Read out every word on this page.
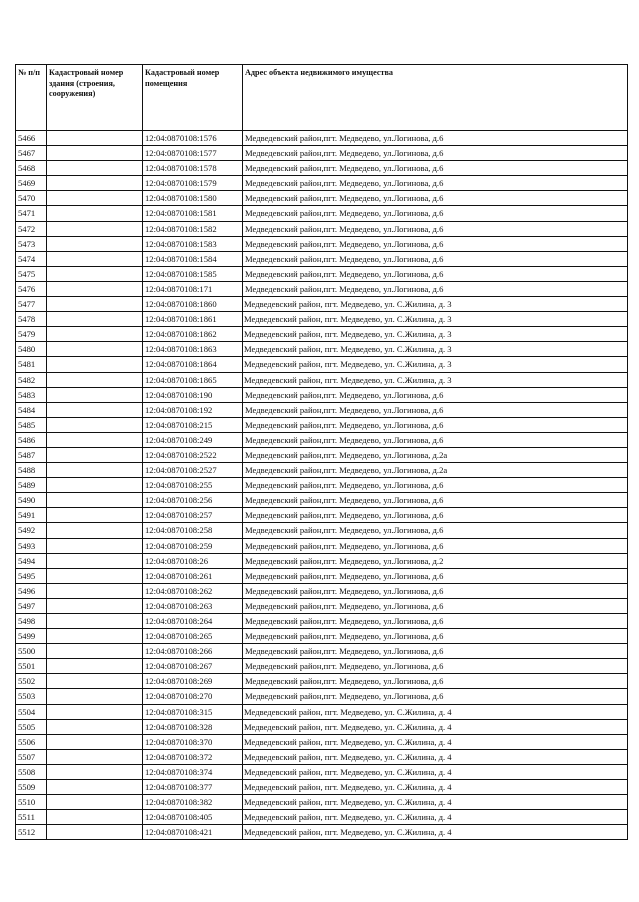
№ п/п	Кадастровый номер здания (строения, сооружения)	Кадастровый номер помещения	Адрес объекта недвижимого имущества
5466		12:04:0870108:1576	Медведевский район,пгт. Медведево, ул.Логинова, д.6
5467		12:04:0870108:1577	Медведевский район,пгт. Медведево, ул.Логинова, д.6
5468		12:04:0870108:1578	Медведевский район,пгт. Медведево, ул.Логинова, д.6
5469		12:04:0870108:1579	Медведевский район,пгт. Медведево, ул.Логинова, д.6
5470		12:04:0870108:1580	Медведевский район,пгт. Медведево, ул.Логинова, д.6
5471		12:04:0870108:1581	Медведевский район,пгт. Медведево, ул.Логинова, д.6
5472		12:04:0870108:1582	Медведевский район,пгт. Медведево, ул.Логинова, д.6
5473		12:04:0870108:1583	Медведевский район,пгт. Медведево, ул.Логинова, д.6
5474		12:04:0870108:1584	Медведевский район,пгт. Медведево, ул.Логинова, д.6
5475		12:04:0870108:1585	Медведевский район,пгт. Медведево, ул.Логинова, д.6
5476		12:04:0870108:171	Медведевский район,пгт. Медведево, ул.Логинова, д.6
5477		12:04:0870108:1860	Медведевский район, пгт. Медведево, ул. С.Жилина, д. 3
5478		12:04:0870108:1861	Медведевский район, пгт. Медведево, ул. С.Жилина, д. 3
5479		12:04:0870108:1862	Медведевский район, пгт. Медведево, ул. С.Жилина, д. 3
5480		12:04:0870108:1863	Медведевский район, пгт. Медведево, ул. С.Жилина, д. 3
5481		12:04:0870108:1864	Медведевский район, пгт. Медведево, ул. С.Жилина, д. 3
5482		12:04:0870108:1865	Медведевский район, пгт. Медведево, ул. С.Жилина, д. 3
5483		12:04:0870108:190	Медведевский район,пгт. Медведево, ул.Логинова, д.6
5484		12:04:0870108:192	Медведевский район,пгт. Медведево, ул.Логинова, д.6
5485		12:04:0870108:215	Медведевский район,пгт. Медведево, ул.Логинова, д.6
5486		12:04:0870108:249	Медведевский район,пгт. Медведево, ул.Логинова, д.6
5487		12:04:0870108:2522	Медведевский район,пгт. Медведево, ул.Логинова, д.2а
5488		12:04:0870108:2527	Медведевский район,пгт. Медведево, ул.Логинова, д.2а
5489		12:04:0870108:255	Медведевский район,пгт. Медведево, ул.Логинова, д.6
5490		12:04:0870108:256	Медведевский район,пгт. Медведево, ул.Логинова, д.6
5491		12:04:0870108:257	Медведевский район,пгт. Медведево, ул.Логинова, д.6
5492		12:04:0870108:258	Медведевский район,пгт. Медведево, ул.Логинова, д.6
5493		12:04:0870108:259	Медведевский район,пгт. Медведево, ул.Логинова, д.6
5494		12:04:0870108:26	Медведевский район,пгт. Медведево, ул.Логинова, д.2
5495		12:04:0870108:261	Медведевский район,пгт. Медведево, ул.Логинова, д.6
5496		12:04:0870108:262	Медведевский район,пгт. Медведево, ул.Логинова, д.6
5497		12:04:0870108:263	Медведевский район,пгт. Медведево, ул.Логинова, д.6
5498		12:04:0870108:264	Медведевский район,пгт. Медведево, ул.Логинова, д.6
5499		12:04:0870108:265	Медведевский район,пгт. Медведево, ул.Логинова, д.6
5500		12:04:0870108:266	Медведевский район,пгт. Медведево, ул.Логинова, д.6
5501		12:04:0870108:267	Медведевский район,пгт. Медведево, ул.Логинова, д.6
5502		12:04:0870108:269	Медведевский район,пгт. Медведево, ул.Логинова, д.6
5503		12:04:0870108:270	Медведевский район,пгт. Медведево, ул.Логинова, д.6
5504		12:04:0870108:315	Медведевский район, пгт. Медведево, ул. С.Жилина, д. 4
5505		12:04:0870108:328	Медведевский район, пгт. Медведево, ул. С.Жилина, д. 4
5506		12:04:0870108:370	Медведевский район, пгт. Медведево, ул. С.Жилина, д. 4
5507		12:04:0870108:372	Медведевский район, пгт. Медведево, ул. С.Жилина, д. 4
5508		12:04:0870108:374	Медведевский район, пгт. Медведево, ул. С.Жилина, д. 4
5509		12:04:0870108:377	Медведевский район, пгт. Медведево, ул. С.Жилина, д. 4
5510		12:04:0870108:382	Медведевский район, пгт. Медведево, ул. С.Жилина, д. 4
5511		12:04:0870108:405	Медведевский район, пгт. Медведево, ул. С.Жилина, д. 4
5512		12:04:0870108:421	Медведевский район, пгт. Медведево, ул. С.Жилина, д. 4
